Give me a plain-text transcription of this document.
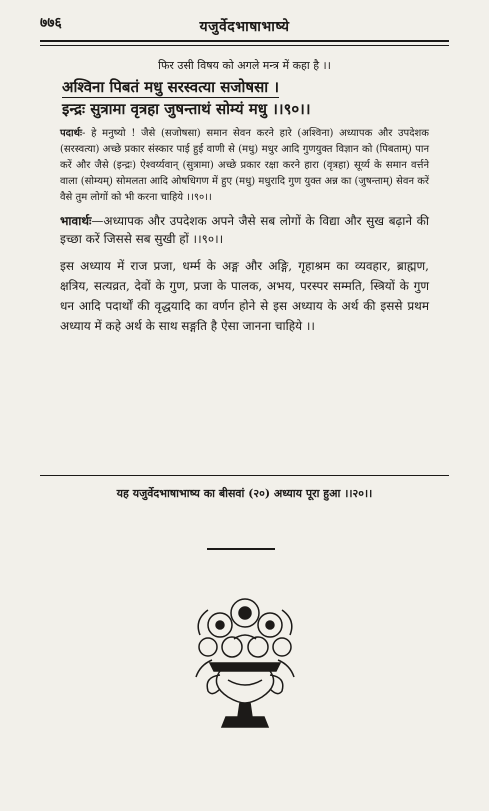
७७६	यजुर्वेदभाषाभाष्ये
फिर उसी विषय को अगले मन्त्र में कहा है ।।
अश्विना पिबतं मधु सरस्वत्या सजोषसा ।
इन्द्रः सुत्रामा वृत्रहा जुषन्ताथं सोम्यं मधु ।।९०।।

पदार्थः- हे मनुष्यो ! जैसे (सजोषसा) समान सेवन करने हारे (अश्विना) अध्यापक और उपदेशक (सरस्वत्या) अच्छे प्रकार संस्कार पाई हुई वाणी से (मधु) मधुर आदि गुणयुक्त विज्ञान को (पिबताम्) पान करें और जैसे (इन्द्रः) ऐश्वर्य्यवान् (सुत्रामा) अच्छे प्रकार रक्षा करने हारा (वृत्रहा) सूर्य्य के समान वर्त्तने वाला (सोम्यम्) सोमलता आदि ओषधिगण में हुए (मधु) मधुरादि गुण युक्त अन्न का (जुषन्ताम्) सेवन करें वैसे तुम लोगों को भी करना चाहिये ।।९०।।

भावार्थः—अध्यापक और उपदेशक अपने जैसे सब लोगों के विद्या और सुख बढ़ाने की इच्छा करें जिससे सब सुखी हों ।।९०।।

इस अध्याय में राज प्रजा, धर्म्म के अङ्ग और अङ्गि, गृहाश्रम का व्यवहार, ब्राह्मण, क्षत्रिय, सत्यव्रत, देवों के गुण, प्रजा के पालक, अभय, परस्पर सम्मति, स्त्रियों के गुण धन आदि पदार्थों की वृद्धयादि का वर्णन होने से इस अध्याय के अर्थ की इससे प्रथम अध्याय में कहे अर्थ के साथ सङ्गति है ऐसा जानना चाहिये ।।

यह यजुर्वेदभाषाभाष्य का बीसवां (२०) अध्याय पूरा हुआ ।।२०।।
